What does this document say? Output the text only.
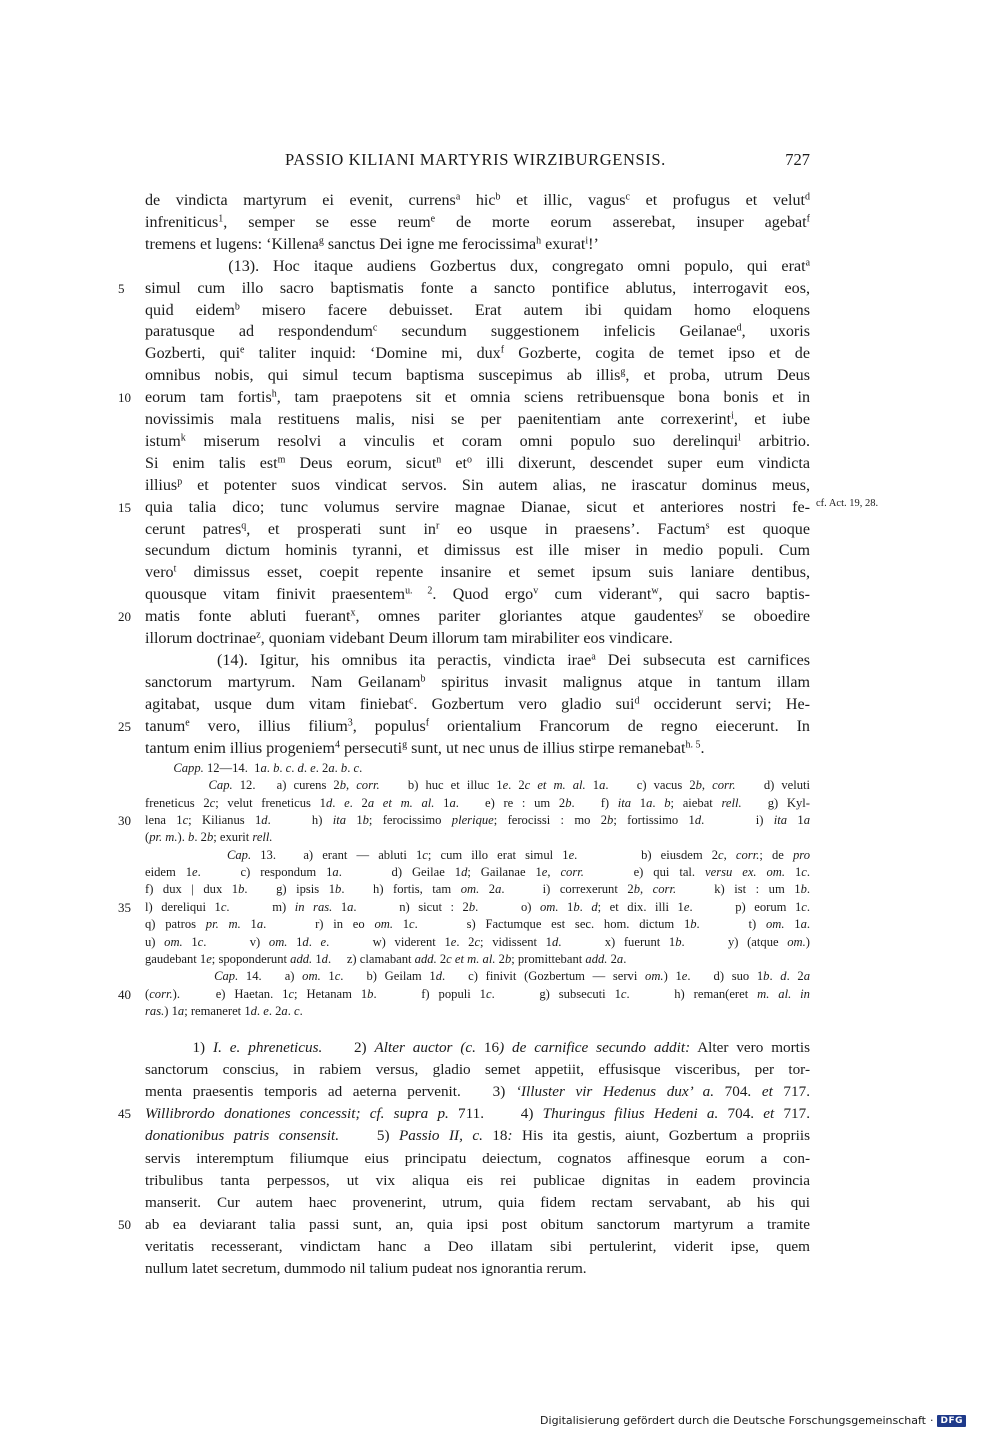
PASSIO KILIANI MARTYRIS WIRZIBURGENSIS.	727
de vindicta martyrum ei evenit, currens$^a$ hic$^b$ et illic, vagus$^c$ et profugus et velut$^d$
infreniticus$^1$, semper se esse reum$^e$ de morte eorum asserebat, insuper agebat$^f$
tremens et lugens: ‘Killena$^g$ sanctus Dei igne me ferocissima$^h$ exurat$^i$!’
(13). Hoc itaque audiens Gozbertus dux, congregato omni populo, qui erat$^a$
simul cum illo sacro baptismatis fonte a sancto pontifice ablutus, interrogavit eos,
quid eidem$^b$ misero facere debuisset. Erat autem ibi quidam homo eloquens
paratusque ad respondendum$^c$ secundum suggestionem infelicis Geilanae$^d$, uxoris
Gozberti, qui$^e$ taliter inquid: ‘Domine mi, dux$^f$ Gozberte, cogita de temet ipso et de
omnibus nobis, qui simul tecum baptisma suscepimus ab illis$^g$, et proba, utrum Deus
eorum tam fortis$^h$, tam praepotens sit et omnia sciens retribuensque bona bonis et in
novissimis mala restituens malis, nisi se per paenitentiam ante correxerint$^i$, et iube
istum$^k$ miserum resolvi a vinculis et coram omni populo suo derelinqui$^l$ arbitrio.
Si enim talis est$^m$ Deus eorum, sicut$^n$ $et^o$ illi dixerunt, descendet super eum vindicta
illius$^p$ et potenter suos vindicat servos. Sin autem alias, ne irascatur dominus meus,
quia talia dico; tunc volumus servire magnae Dianae, sicut et anteriores nostri fe-
cerunt patres$^q$, et prosperati sunt $in^r$ eo usque in praesens’. Factum$^s$ est quoque
secundum dictum hominis tyranni, et dimissus est ille miser in medio populi. Cum
vero$^t$ dimissus esset, coepit repente insanire et semet ipsum suis laniare dentibus,
quousque vitam finivit praesentem$^{u. 2}$. Quod ergo$^v$ cum viderant$^w$, qui sacro baptis-
matis fonte abluti fuerant$^x$, omnes pariter gloriantes atque gaudentes$^y$ se oboedire
illorum doctrinae$^z$, quoniam videbant Deum illorum tam mirabiliter eos vindicare.
(14). Igitur, his omnibus ita peractis, vindicta irae$^a$ Dei subsecuta est carnifices
sanctorum martyrum. Nam Geilanam$^b$ spiritus invasit malignus atque in tantum illam
agitabat, usque dum vitam finiebat$^c$. Gozbertum vero gladio sui$^d$ occiderunt servi; He-
tanum$^e$ vero, illius filium$^3$, populus$^f$ orientalium Francorum de regno eiecerunt. In
tantum enim illius progeniem$^4$ persecuti$^g$ sunt, ut nec unus de illius stirpe remanebat$^{h. 5}$.
5
10
15
20
25
Capp. 12—14.  1a. b. c. d. e. 2a. b. c.
Cap. 12.   a) curens 2b, corr.    b) huc et illuc 1e. 2c et m. al. 1a.    c) vacus 2b, corr.    d) veluti
freneticus 2c; velut freneticus 1d. e. 2a et m. al. 1a.   e) re : um 2b.   f) ita 1a. b; aiebat rell.   g) Kyl-
lena 1c; Kilianus 1d.    h) ita 1b; ferocissimo plerique; ferocissi : mo 2b; fortissimo 1d.     i) ita 1a
(pr. m.). b. 2b; exurit rell.
Cap. 13.   a) erant — abluti 1c; cum illo erat simul 1e.       b) eiusdem 2c, corr.; de pro
eidem 1e.    c) respondum 1a.     d) Geilae 1d; Gailanae 1e, corr.     e) qui tal. versu ex. om. 1c.
f) dux | dux 1b.   g) ipsis 1b.   h) fortis, tam om. 2a.    i) correxerunt 2b, corr.    k) ist : um 1b.
l) dereliqui 1c.     m) in ras. 1a.     n) sicut : 2b.     o) om. 1b. d; et dix. illi 1e.     p) eorum 1c.
q) patros pr. m. 1a.     r) in eo om. 1c.     s) Factumque est sec. hom. dictum 1b.     t) om. 1a.
u) om. 1c.     v) om. 1d. e.     w) viderent 1e. 2c; vidissent 1d.     x) fuerunt 1b.     y) (atque om.)
gaudebant 1e; spoponderunt add. 1d.     z) clamabant add. 2c et m. al. 2b; promittebant add. 2a.
Cap. 14.   a) om. 1c.   b) Geilam 1d.   c) finivit (Gozbertum — servi om.) 1e.   d) suo 1b. d. 2a
(corr.).    e) Haetan. 1c; Hetanam 1b.     f) populi 1c.     g) subsecuti 1c.     h) reman(eret m. al. in
ras.) 1a; remaneret 1d. e. 2a. c.
30
35
40
1) I. e. phreneticus.    2) Alter auctor (c. 16) de carnifice secundo addit: Alter vero mortis
sanctorum conscius, in rabiem versus, gladio semet appetiit, effusisque visceribus, per tor-
menta praesentis temporis ad aeterna pervenit.   3) ‘Illuster vir Hedenus dux’ a. 704. et 717.
Willibrordo donationes concessit; cf. supra p. 711.    4) Thuringus filius Hedeni a. 704. et 717.
donationibus patris consensit.    5) Passio II, c. 18: His ita gestis, aiunt, Gozbertum a propriis
servis interemptum filiumque eius principatu deiectum, cognatos affinesque eorum a con-
tribulibus tanta perpessos, ut vix aliqua eis rei publicae dignitas in eadem provincia
manserit. Cur autem haec provenerint, utrum, quia fidem rectam servabant, ab his qui
ab ea deviarant talia passi sunt, an, quia ipsi post obitum sanctorum martyrum a tramite
veritatis recesserant, vindictam hanc a Deo illatam sibi pertulerint, viderit ipse, quem
nullum latet secretum, dummodo nil talium pudeat nos ignorantia rerum.
45
50
cf. Act. 19, 28.
Digitalisierung gefördert durch die Deutsche Forschungsgemeinschaft · DFG
